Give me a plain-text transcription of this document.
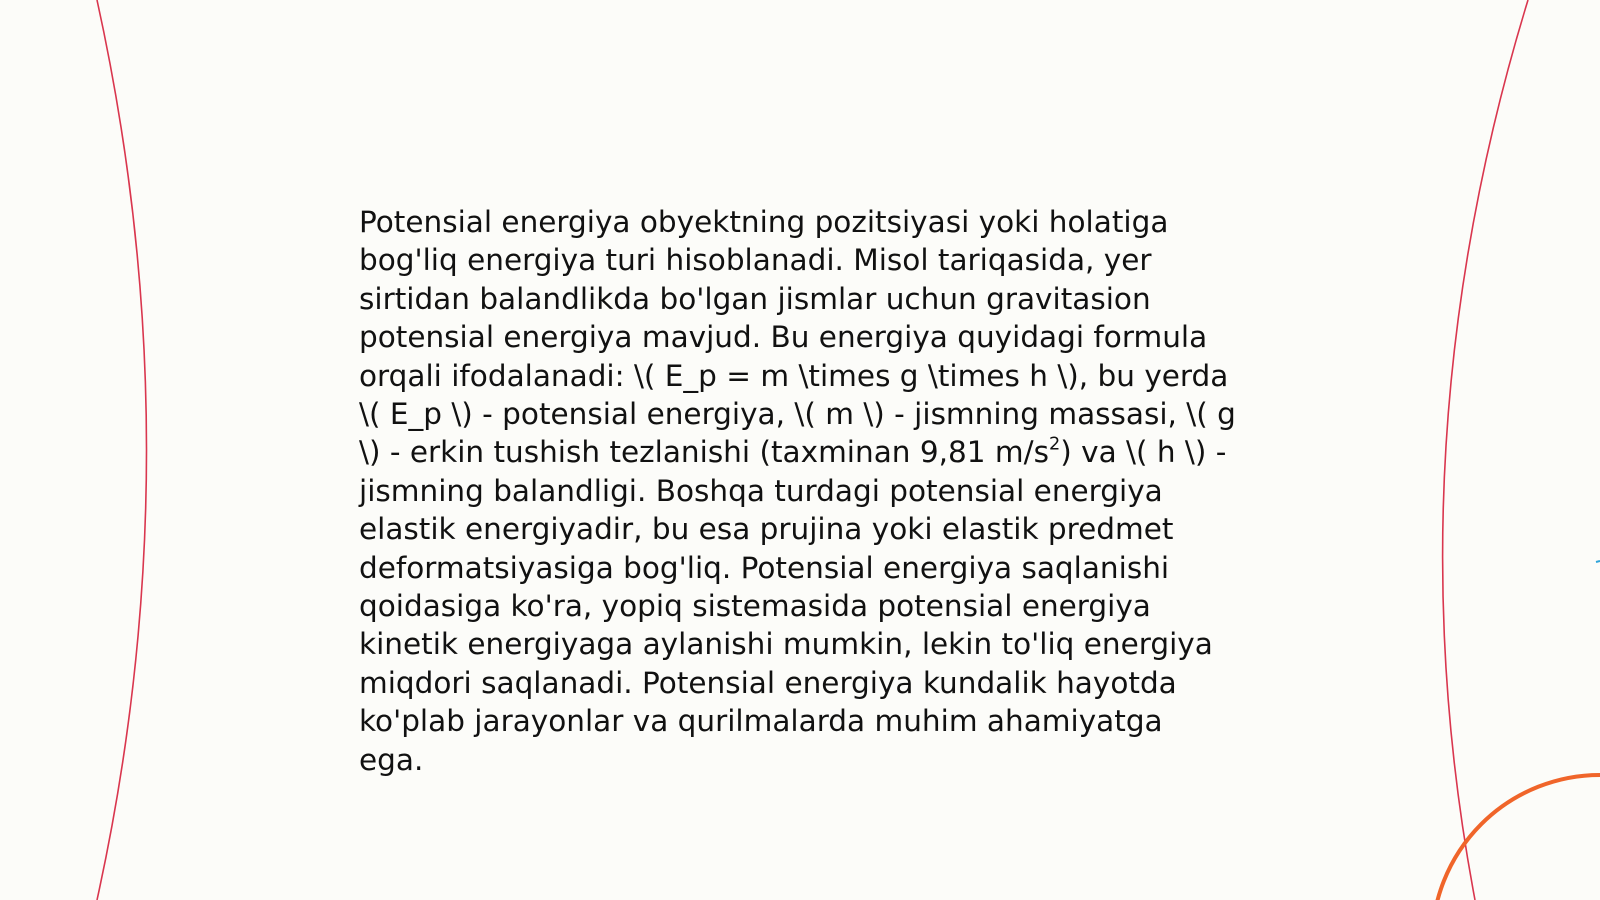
Potensial energiya obyektning pozitsiyasi yoki holatiga
bog'liq energiya turi hisoblanadi. Misol tariqasida, yer
sirtidan balandlikda bo'lgan jismlar uchun gravitasion
potensial energiya mavjud. Bu energiya quyidagi formula
orqali ifodalanadi: \( E_p = m \times g \times h \), bu yerda
\( E_p \) - potensial energiya, \( m \) - jismning massasi, \( g
\) - erkin tushish tezlanishi (taxminan 9,81 $m/s^2$) va \( h \) -
jismning balandligi. Boshqa turdagi potensial energiya
elastik energiyadir, bu esa prujina yoki elastik predmet
deformatsiyasiga bog'liq. Potensial energiya saqlanishi
qoidasiga ko'ra, yopiq sistemasida potensial energiya
kinetik energiyaga aylanishi mumkin, lekin to'liq energiya
miqdori saqlanadi. Potensial energiya kundalik hayotda
ko'plab jarayonlar va qurilmalarda muhim ahamiyatga
ega.
